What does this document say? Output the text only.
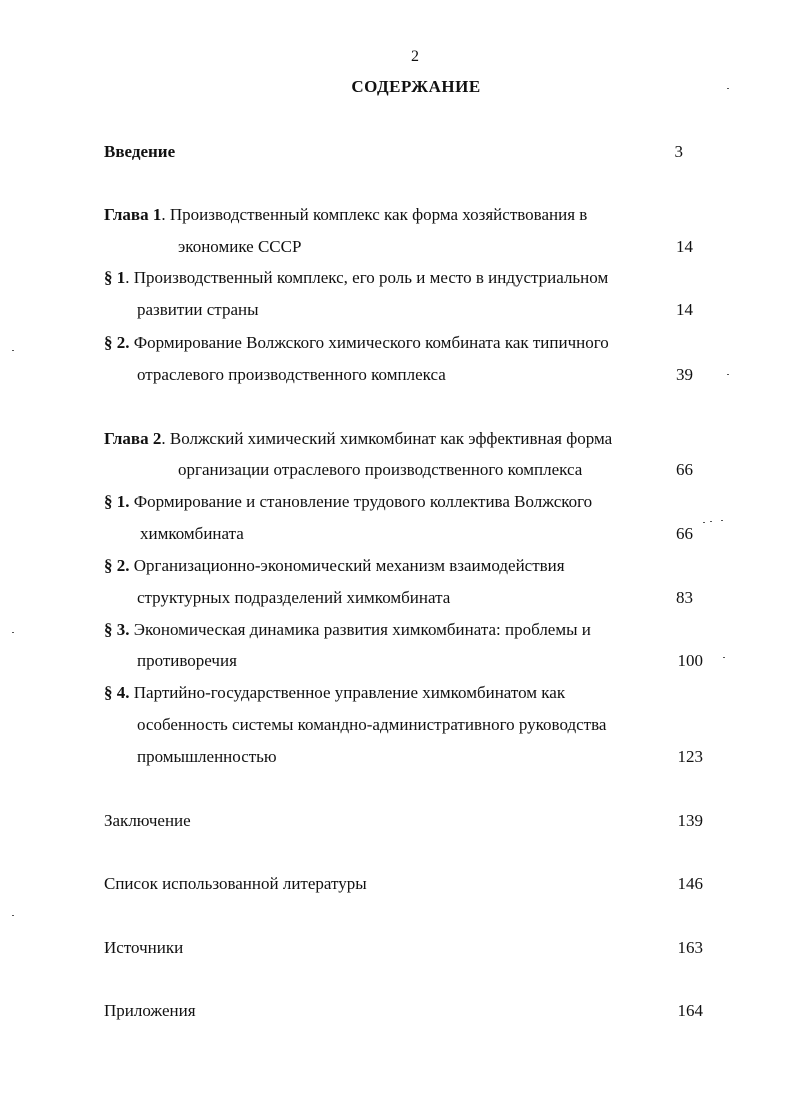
2
СОДЕРЖАНИЕ
Введение	3
Глава 1. Производственный комплекс как форма хозяйствования в
экономике СССР	14
§ 1. Производственный комплекс, его роль и место в индустриальном
развитии страны	14
§ 2. Формирование Волжского химического комбината как типичного
отраслевого производственного комплекса	39
Глава 2. Волжский химический химкомбинат как эффективная форма
организации отраслевого производственного комплекса	66
§ 1. Формирование и становление трудового коллектива Волжского
химкомбината	66
§ 2. Организационно-экономический механизм взаимодействия
структурных подразделений химкомбината	83
§ 3. Экономическая динамика развития химкомбината: проблемы и
противоречия	100
§ 4. Партийно-государственное управление химкомбинатом как
особенность системы командно-административного руководства
промышленностью	123
Заключение	139
Список использованной литературы	146
Источники	163
Приложения	164
